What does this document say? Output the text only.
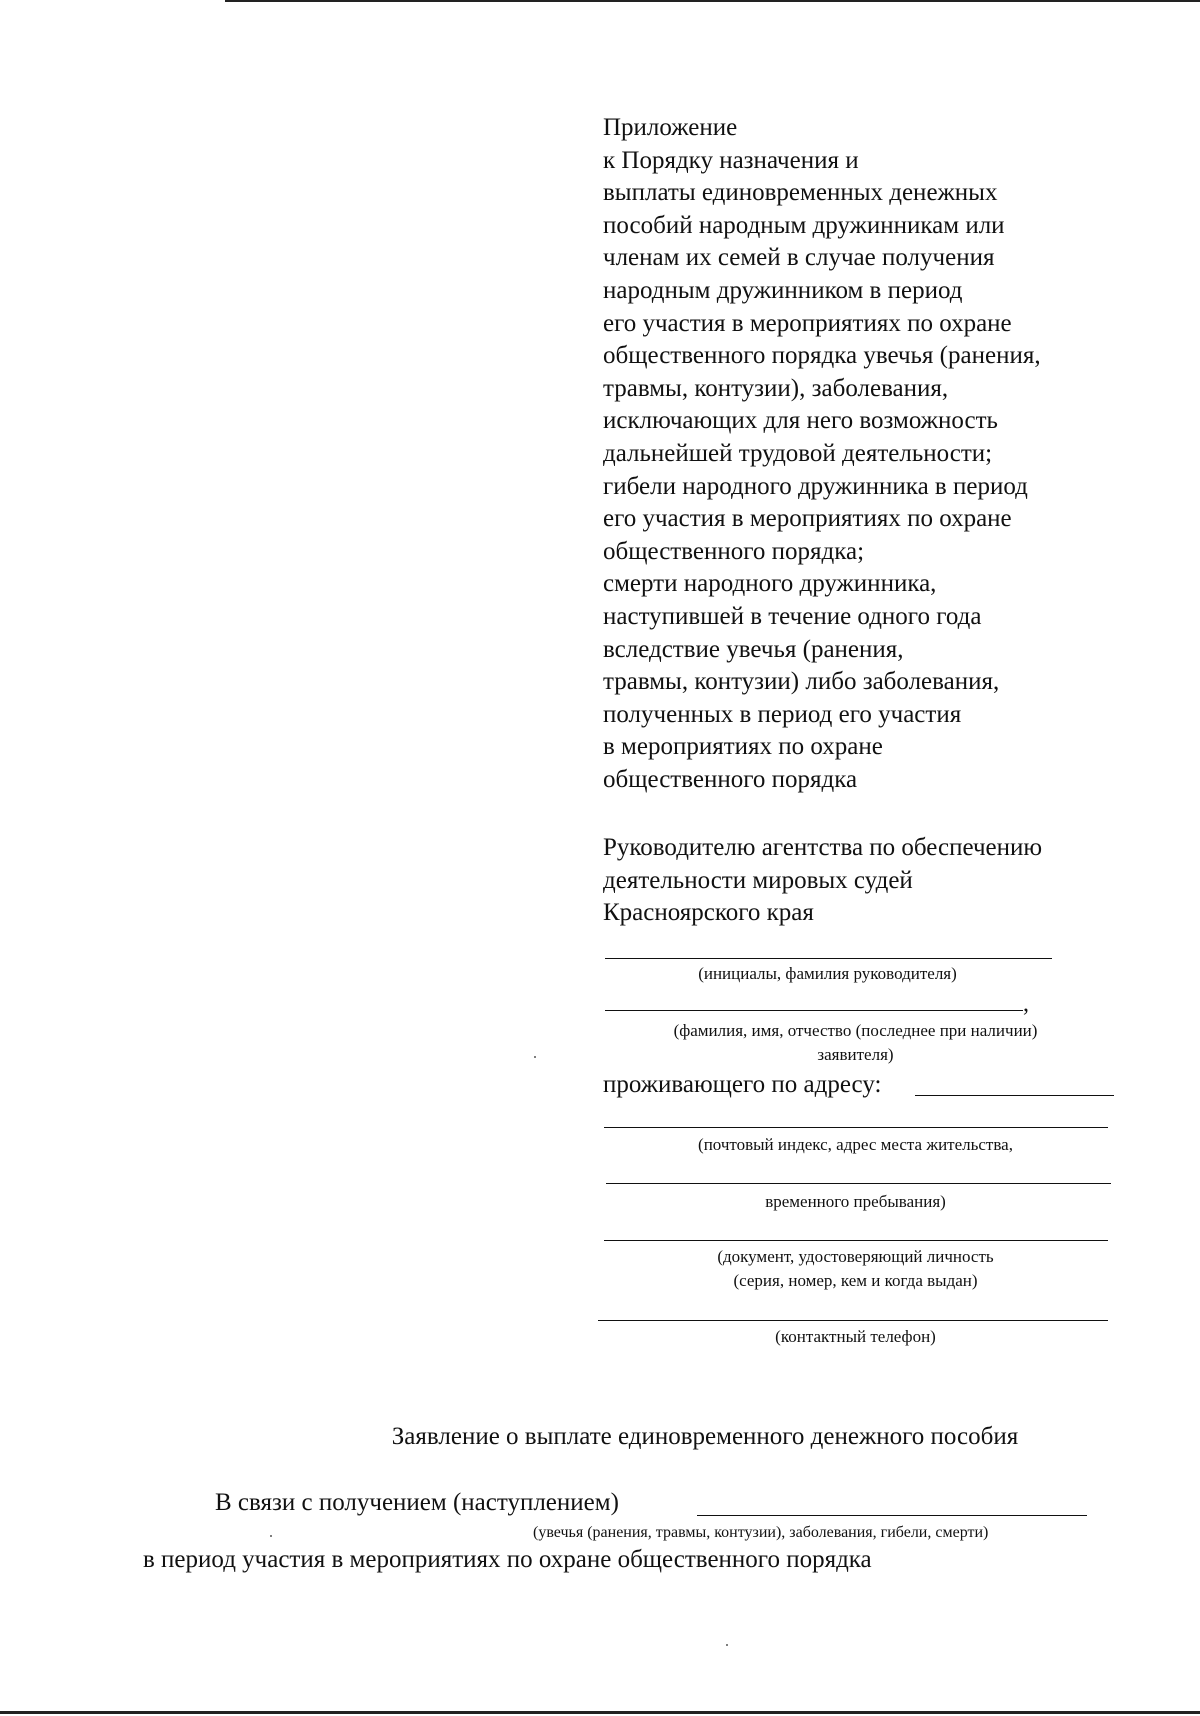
Приложение
к Порядку назначения и
выплаты единовременных денежных
пособий народным дружинникам или
членам их семей в случае получения
народным дружинником в период
его участия в мероприятиях по охране
общественного порядка увечья (ранения,
травмы, контузии), заболевания,
исключающих для него возможность
дальнейшей трудовой деятельности;
гибели народного дружинника в период
его участия в мероприятиях по охране
общественного порядка;
смерти народного дружинника,
наступившей в течение одного года
вследствие увечья (ранения,
травмы, контузии) либо заболевания,
полученных в период его участия
в мероприятиях по охране
общественного порядка
Руководителю агентства по обеспечению
деятельности мировых судей
Красноярского края
(инициалы, фамилия руководителя)
,
(фамилия, имя, отчество (последнее при наличии)
заявителя)
проживающего по адресу:
(почтовый индекс, адрес места жительства,
временного пребывания)
(документ, удостоверяющий личность
(серия, номер, кем и когда выдан)
(контактный телефон)
Заявление о выплате единовременного денежного пособия
В связи с получением (наступлением)
(увечья (ранения, травмы, контузии), заболевания, гибели, смерти)
в период участия в мероприятиях по охране общественного порядка
